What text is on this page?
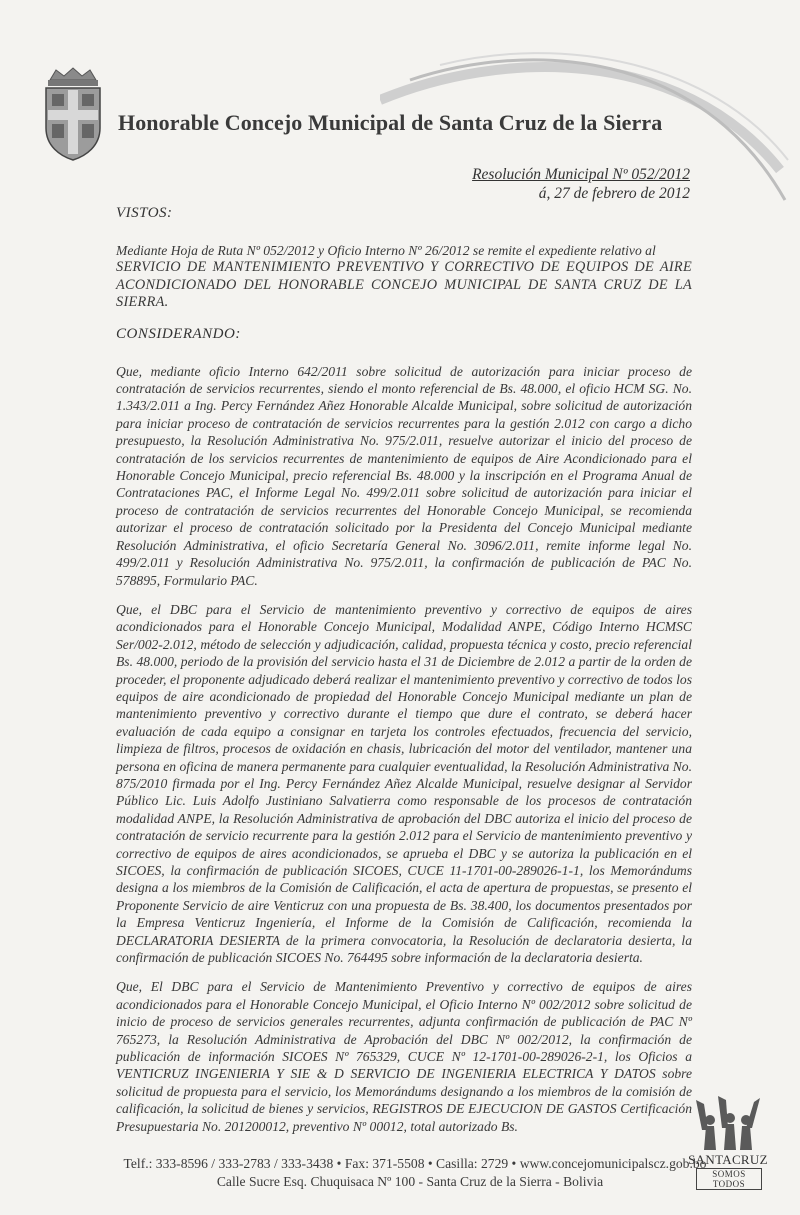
Honorable Concejo Municipal de Santa Cruz de la Sierra
Resolución Municipal Nº 052/2012
á, 27 de febrero de 2012
VISTOS:

Mediante Hoja de Ruta Nº 052/2012 y Oficio Interno Nº 26/2012 se remite el expediente relativo al

SERVICIO DE MANTENIMIENTO PREVENTIVO Y CORRECTIVO DE EQUIPOS DE AIRE ACONDICIONADO DEL HONORABLE CONCEJO MUNICIPAL DE SANTA CRUZ DE LA SIERRA.

CONSIDERANDO:

Que, mediante oficio Interno 642/2011 sobre solicitud de autorización para iniciar proceso de contratación de servicios recurrentes, siendo el monto referencial de Bs. 48.000, el oficio HCM SG. No. 1.343/2.011 a Ing. Percy Fernández Añez Honorable Alcalde Municipal, sobre solicitud de autorización para iniciar proceso de contratación de servicios recurrentes para la gestión 2.012 con cargo a dicho presupuesto, la Resolución Administrativa No. 975/2.011, resuelve autorizar el inicio del proceso de contratación de los servicios recurrentes de mantenimiento de equipos de Aire Acondicionado para el Honorable Concejo Municipal, precio referencial Bs. 48.000 y la inscripción en el Programa Anual de Contrataciones PAC, el Informe Legal No. 499/2.011 sobre solicitud de autorización para iniciar el proceso de contratación de servicios recurrentes del Honorable Concejo Municipal, se recomienda autorizar el proceso de contratación solicitado por la Presidenta del Concejo Municipal mediante Resolución Administrativa, el oficio Secretaría General No. 3096/2.011, remite informe legal No. 499/2.011 y Resolución Administrativa No. 975/2.011, la confirmación de publicación de PAC No. 578895, Formulario PAC.

Que, el DBC para el Servicio de mantenimiento preventivo y correctivo de equipos de aires acondicionados para el Honorable Concejo Municipal, Modalidad ANPE, Código Interno HCMSC Ser/002-2.012, método de selección y adjudicación, calidad, propuesta técnica y costo, precio referencial Bs. 48.000, periodo de la provisión del servicio hasta el 31 de Diciembre de 2.012 a partir de la orden de proceder, el proponente adjudicado deberá realizar el mantenimiento preventivo y correctivo de todos los equipos de aire acondicionado de propiedad del Honorable Concejo Municipal mediante un plan de mantenimiento preventivo y correctivo durante el tiempo que dure el contrato, se deberá hacer evaluación de cada equipo a consignar en tarjeta los controles efectuados, frecuencia del servicio, limpieza de filtros, procesos de oxidación en chasis, lubricación del motor del ventilador, mantener una persona en oficina de manera permanente para cualquier eventualidad, la Resolución Administrativa No. 875/2010 firmada por el Ing. Percy Fernández Añez Alcalde Municipal, resuelve designar al Servidor Público Lic. Luis Adolfo Justiniano Salvatierra como responsable de los procesos de contratación modalidad ANPE, la Resolución Administrativa de aprobación del DBC autoriza el inicio del proceso de contratación de servicio recurrente para la gestión 2.012 para el Servicio de mantenimiento preventivo y correctivo de equipos de aires acondicionados, se aprueba el DBC y se autoriza la publicación en el SICOES, la confirmación de publicación SICOES, CUCE 11-1701-00-289026-1-1, los Memorándums designa a los miembros de la Comisión de Calificación, el acta de apertura de propuestas, se presento el Proponente Servicio de aire Venticruz con una propuesta de Bs. 38.400, los documentos presentados por la Empresa Venticruz Ingeniería, el Informe de la Comisión de Calificación, recomienda la DECLARATORIA DESIERTA de la primera convocatoria, la Resolución de declaratoria desierta, la confirmación de publicación SICOES No. 764495 sobre información de la declaratoria desierta.

Que, El DBC para el Servicio de Mantenimiento Preventivo y correctivo de equipos de aires acondicionados para el Honorable Concejo Municipal, el Oficio Interno Nº 002/2012 sobre solicitud de inicio de proceso de servicios generales recurrentes, adjunta confirmación de publicación de PAC Nº 765273, la Resolución Administrativa de Aprobación del DBC Nº 002/2012, la confirmación de publicación de información SICOES Nº 765329, CUCE Nº 12-1701-00-289026-2-1, los Oficios a VENTICRUZ INGENIERIA Y SIE & D SERVICIO DE INGENIERIA ELECTRICA Y DATOS sobre solicitud de propuesta para el servicio, los Memorándums designando a los miembros de la comisión de calificación, la solicitud de bienes y servicios, REGISTROS DE EJECUCION DE GASTOS Certificación Presupuestaria No. 201200012, preventivo Nº 00012, total autorizado Bs.

Telf.: 333-8596 / 333-2783 / 333-3438 • Fax: 371-5508 • Casilla: 2729 • www.concejomunicipalscz.gob.bo
Calle Sucre Esq. Chuquisaca Nº 100 - Santa Cruz de la Sierra - Bolivia
SANTACRUZ
SOMOS TODOS
